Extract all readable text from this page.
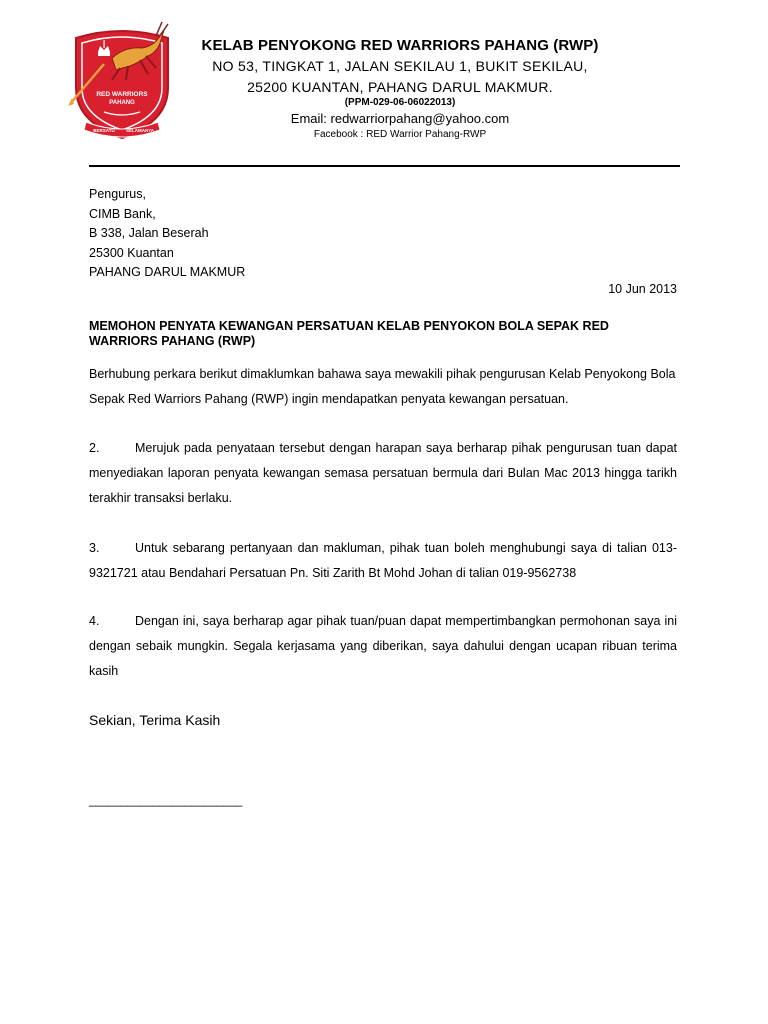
RED WARRIORS
PAHANG
BERSATU SELAMANYA
KELAB PENYOKONG RED WARRIORS PAHANG (RWP)
NO 53, TINGKAT 1, JALAN SEKILAU 1, BUKIT SEKILAU,
25200 KUANTAN, PAHANG DARUL MAKMUR.
(PPM-029-06-06022013)
Email: redwarriorpahang@yahoo.com
Facebook : RED Warrior Pahang-RWP
Pengurus,
CIMB Bank,
B 338, Jalan Beserah
25300 Kuantan
PAHANG DARUL MAKMUR
10 Jun 2013
MEMOHON PENYATA KEWANGAN PERSATUAN KELAB PENYOKON BOLA SEPAK RED WARRIORS PAHANG (RWP)
Berhubung perkara berikut dimaklumkan bahawa saya mewakili pihak pengurusan Kelab Penyokong Bola Sepak Red Warriors Pahang (RWP) ingin mendapatkan penyata kewangan persatuan.
2.	Merujuk pada penyataan tersebut dengan harapan saya berharap pihak pengurusan tuan dapat menyediakan laporan penyata kewangan semasa persatuan bermula dari Bulan Mac 2013 hingga tarikh terakhir transaksi berlaku.
3.	Untuk sebarang pertanyaan dan makluman, pihak tuan boleh menghubungi saya di talian 013-9321721 atau Bendahari Persatuan Pn. Siti Zarith Bt Mohd Johan di talian 019-9562738
4.	Dengan ini, saya berharap agar pihak tuan/puan dapat mempertimbangkan permohonan saya ini dengan sebaik mungkin. Segala kerjasama yang diberikan, saya dahului dengan ucapan ribuan terima kasih
Sekian, Terima Kasih
________________________
